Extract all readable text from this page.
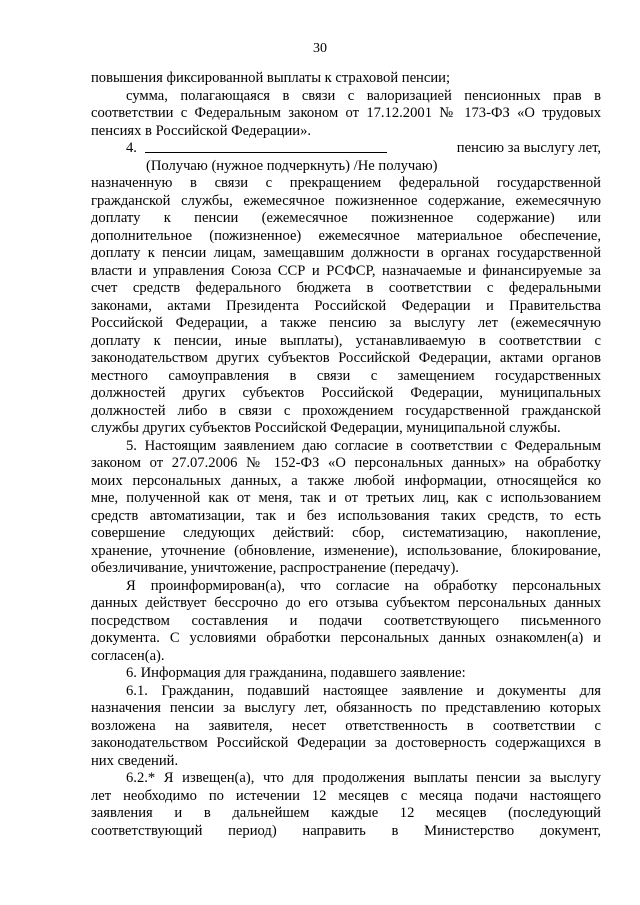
30
повышения фиксированной выплаты к страховой пенсии;
сумма, полагающаяся в связи с валоризацией пенсионных прав в
соответствии с Федеральным законом от 17.12.2001 № 173-ФЗ «О трудовых
пенсиях в Российской Федерации».
4.	пенсию за выслугу лет,
(Получаю (нужное подчеркнуть) /Не получаю)
назначенную в связи с прекращением федеральной государственной
гражданской службы, ежемесячное пожизненное содержание, ежемесячную
доплату к пенсии (ежемесячное пожизненное содержание) или
дополнительное (пожизненное) ежемесячное материальное обеспечение,
доплату к пенсии лицам, замещавшим должности в органах государственной
власти и управления Союза ССР и РСФСР, назначаемые и финансируемые за
счет средств федерального бюджета в соответствии с федеральными
законами, актами Президента Российской Федерации и Правительства
Российской Федерации, а также пенсию за выслугу лет (ежемесячную
доплату к пенсии, иные выплаты), устанавливаемую в соответствии с
законодательством других субъектов Российской Федерации, актами органов
местного самоуправления в связи с замещением государственных
должностей других субъектов Российской Федерации, муниципальных
должностей либо в связи с прохождением государственной гражданской
службы других субъектов Российской Федерации, муниципальной службы.
5. Настоящим заявлением даю согласие в соответствии с Федеральным
законом от 27.07.2006 № 152-ФЗ «О персональных данных» на обработку
моих персональных данных, а также любой информации, относящейся ко
мне, полученной как от меня, так и от третьих лиц, как с использованием
средств автоматизации, так и без использования таких средств, то есть
совершение следующих действий: сбор, систематизацию, накопление,
хранение, уточнение (обновление, изменение), использование, блокирование,
обезличивание, уничтожение, распространение (передачу).
Я проинформирован(а), что согласие на обработку персональных
данных действует бессрочно до его отзыва субъектом персональных данных
посредством составления и подачи соответствующего письменного
документа. С условиями обработки персональных данных ознакомлен(а) и
согласен(а).
6. Информация для гражданина, подавшего заявление:
6.1. Гражданин, подавший настоящее заявление и документы для
назначения пенсии за выслугу лет, обязанность по представлению которых
возложена на заявителя, несет ответственность в соответствии с
законодательством Российской Федерации за достоверность содержащихся в
них сведений.
6.2.* Я извещен(а), что для продолжения выплаты пенсии за выслугу
лет необходимо по истечении 12 месяцев с месяца подачи настоящего
заявления и в дальнейшем каждые 12 месяцев (последующий
соответствующий период) направить в Министерство документ,
